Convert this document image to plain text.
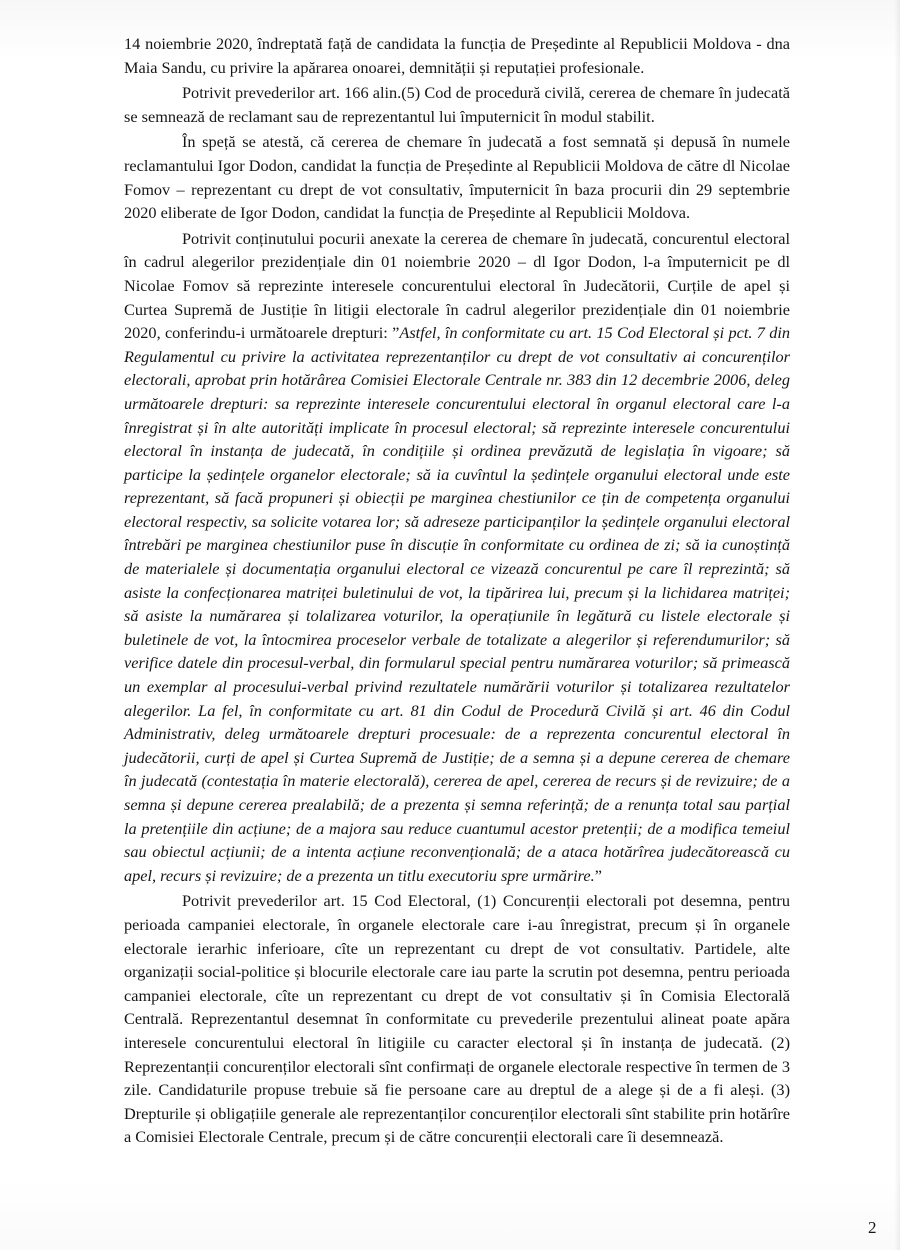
14 noiembrie 2020, îndreptată față de candidata la funcția de Președinte al Republicii Moldova - dna Maia Sandu, cu privire la apărarea onoarei, demnității și reputației profesionale.

Potrivit prevederilor art. 166 alin.(5) Cod de procedură civilă, cererea de chemare în judecată se semnează de reclamant sau de reprezentantul lui împuternicit în modul stabilit.

În speță se atestă, că cererea de chemare în judecată a fost semnată și depusă în numele reclamantului Igor Dodon, candidat la funcția de Președinte al Republicii Moldova de către dl Nicolae Fomov – reprezentant cu drept de vot consultativ, împuternicit în baza procurii din 29 septembrie 2020 eliberate de Igor Dodon, candidat la funcția de Președinte al Republicii Moldova.

Potrivit conținutului pocurii anexate la cererea de chemare în judecată, concurentul electoral în cadrul alegerilor prezidențiale din 01 noiembrie 2020 – dl Igor Dodon, l-a împuternicit pe dl Nicolae Fomov să reprezinte interesele concurentului electoral în Judecătorii, Curțile de apel și Curtea Supremă de Justiție în litigii electorale în cadrul alegerilor prezidențiale din 01 noiembrie 2020, conferindu-i următoarele drepturi: ”Astfel, în conformitate cu art. 15 Cod Electoral și pct. 7 din Regulamentul cu privire la activitatea reprezentanților cu drept de vot consultativ ai concurenților electorali, aprobat prin hotărârea Comisiei Electorale Centrale nr. 383 din 12 decembrie 2006, deleg următoarele drepturi: sa reprezinte interesele concurentului electoral în organul electoral care l-a înregistrat și în alte autorități implicate în procesul electoral; să reprezinte interesele concurentului electoral în instanța de judecată, în condițiile și ordinea prevăzută de legislația în vigoare; să participe la ședințele organelor electorale; să ia cuvîntul la ședințele organului electoral unde este reprezentant, să facă propuneri și obiecții pe marginea chestiunilor ce țin de competența organului electoral respectiv, sa solicite votarea lor; să adreseze participanților la ședințele organului electoral întrebări pe marginea chestiunilor puse în discuție în conformitate cu ordinea de zi; să ia cunoștință de materialele și documentația organului electoral ce vizează concurentul pe care îl reprezintă; să asiste la confecționarea matriței buletinului de vot, la tipărirea lui, precum și la lichidarea matriței; să asiste la numărarea și tolalizarea voturilor, la operațiunile în legătură cu listele electorale și buletinele de vot, la întocmirea proceselor verbale de totalizate a alegerilor și referendumurilor; să verifice datele din procesul-verbal, din formularul special pentru numărarea voturilor; să primească un exemplar al procesului-verbal privind rezultatele numărării voturilor și totalizarea rezultatelor alegerilor. La fel, în conformitate cu art. 81 din Codul de Procedură Civilă și art. 46 din Codul Administrativ, deleg următoarele drepturi procesuale: de a reprezenta concurentul electoral în judecătorii, curți de apel și Curtea Supremă de Justiție; de a semna și a depune cererea de chemare în judecată (contestația în materie electorală), cererea de apel, cererea de recurs și de revizuire; de a semna și depune cererea prealabilă; de a prezenta și semna referință; de a renunța total sau parțial la pretențiile din acțiune; de a majora sau reduce cuantumul acestor pretenții; de a modifica temeiul sau obiectul acțiunii; de a intenta acțiune reconvențională; de a ataca hotărîrea judecătorească cu apel, recurs și revizuire; de a prezenta un titlu executoriu spre urmărire.”

Potrivit prevederilor art. 15 Cod Electoral, (1) Concurenții electorali pot desemna, pentru perioada campaniei electorale, în organele electorale care i-au înregistrat, precum și în organele electorale ierarhic inferioare, cîte un reprezentant cu drept de vot consultativ. Partidele, alte organizații social-politice și blocurile electorale care iau parte la scrutin pot desemna, pentru perioada campaniei electorale, cîte un reprezentant cu drept de vot consultativ și în Comisia Electorală Centrală. Reprezentantul desemnat în conformitate cu prevederile prezentului alineat poate apăra interesele concurentului electoral în litigiile cu caracter electoral și în instanța de judecată. (2) Reprezentanții concurenților electorali sînt confirmați de organele electorale respective în termen de 3 zile. Candidaturile propuse trebuie să fie persoane care au dreptul de a alege și de a fi aleși. (3) Drepturile și obligațiile generale ale reprezentanților concurenților electorali sînt stabilite prin hotărîre a Comisiei Electorale Centrale, precum și de către concurenții electorali care îi desemnează.

2
